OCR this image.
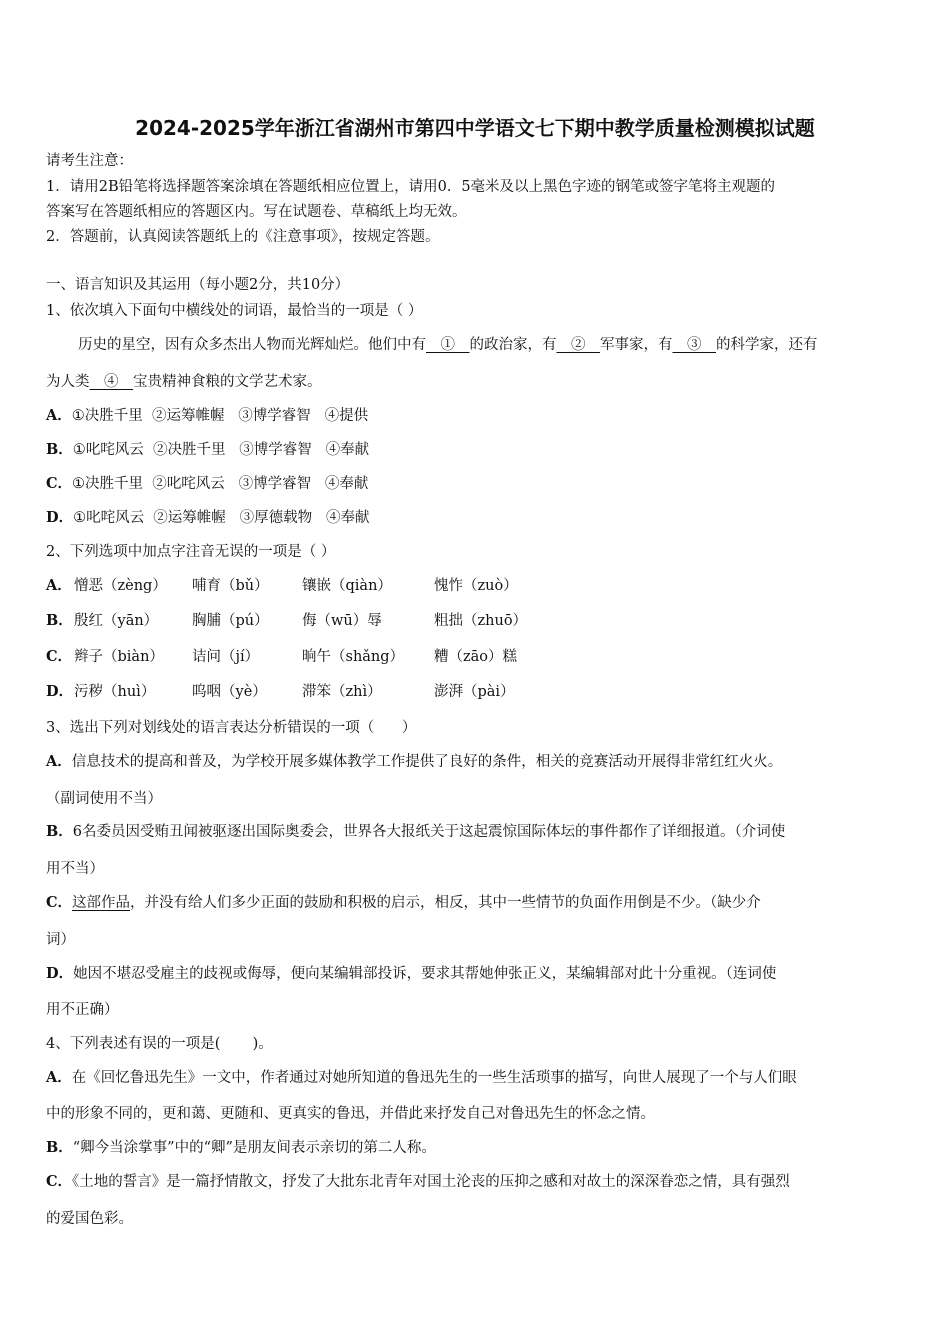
2024-2025学年浙江省湖州市第四中学语文七下期中教学质量检测模拟试题
请考生注意：
1．请用2B铅笔将选择题答案涂填在答题纸相应位置上，请用0．5毫米及以上黑色字迹的钢笔或签字笔将主观题的
答案写在答题纸相应的答题区内。写在试题卷、草稿纸上均无效。
2．答题前，认真阅读答题纸上的《注意事项》，按规定答题。
一、语言知识及其运用（每小题2分，共10分）
1、依次填入下面句中横线处的词语，最恰当的一项是（ ）
历史的星空，因有众多杰出人物而光辉灿烂。他们中有　①　的政治家，有　②　军事家，有　③　的科学家，还有
为人类　④　宝贵精神食粮的文学艺术家。
A．①决胜千里  ②运筹帷幄   ③博学睿智   ④提供
B．①叱咤风云  ②决胜千里   ③博学睿智   ④奉献
C．①决胜千里  ②叱咤风云   ③博学睿智   ④奉献
D．①叱咤风云  ②运筹帷幄   ③厚德载物   ④奉献
2、下列选项中加点字注音无误的一项是（ ）
A． 憎恶（zèng） 哺育（bǔ） 镶嵌（qiàn）	愧怍（zuò）
B． 殷红（yān） 胸脯（pú） 侮（wū）辱	粗拙（zhuō）
C． 辫子（biàn） 诘问（jí）	晌午（shǎng） 糟（zāo）糕
D． 污秽（huì）	呜咽（yè） 滞笨（zhì）	澎湃（pài）
3、选出下列对划线处的语言表达分析错误的一项（      ）
A．信息技术的提高和普及，为学校开展多媒体教学工作提供了良好的条件，相关的竞赛活动开展得非常红红火火。
（副词使用不当）
B．6名委员因受贿丑闻被驱逐出国际奥委会，世界各大报纸关于这起震惊国际体坛的事件都作了详细报道。（介词使
用不当）
C．这部作品，并没有给人们多少正面的鼓励和积极的启示，相反，其中一些情节的负面作用倒是不少。（缺少介
词）
D．她因不堪忍受雇主的歧视或侮辱，便向某编辑部投诉，要求其帮她伸张正义，某编辑部对此十分重视。（连词使
用不正确）
4、下列表述有误的一项是(       )。
A．在《回忆鲁迅先生》一文中，作者通过对她所知道的鲁迅先生的一些生活琐事的描写，向世人展现了一个与人们眼
中的形象不同的，更和蔼、更随和、更真实的鲁迅，并借此来抒发自己对鲁迅先生的怀念之情。
B．“卿今当涂掌事”中的“卿”是朋友间表示亲切的第二人称。
C．《土地的誓言》是一篇抒情散文，抒发了大批东北青年对国土沦丧的压抑之感和对故土的深深眷恋之情，具有强烈
的爱国色彩。
